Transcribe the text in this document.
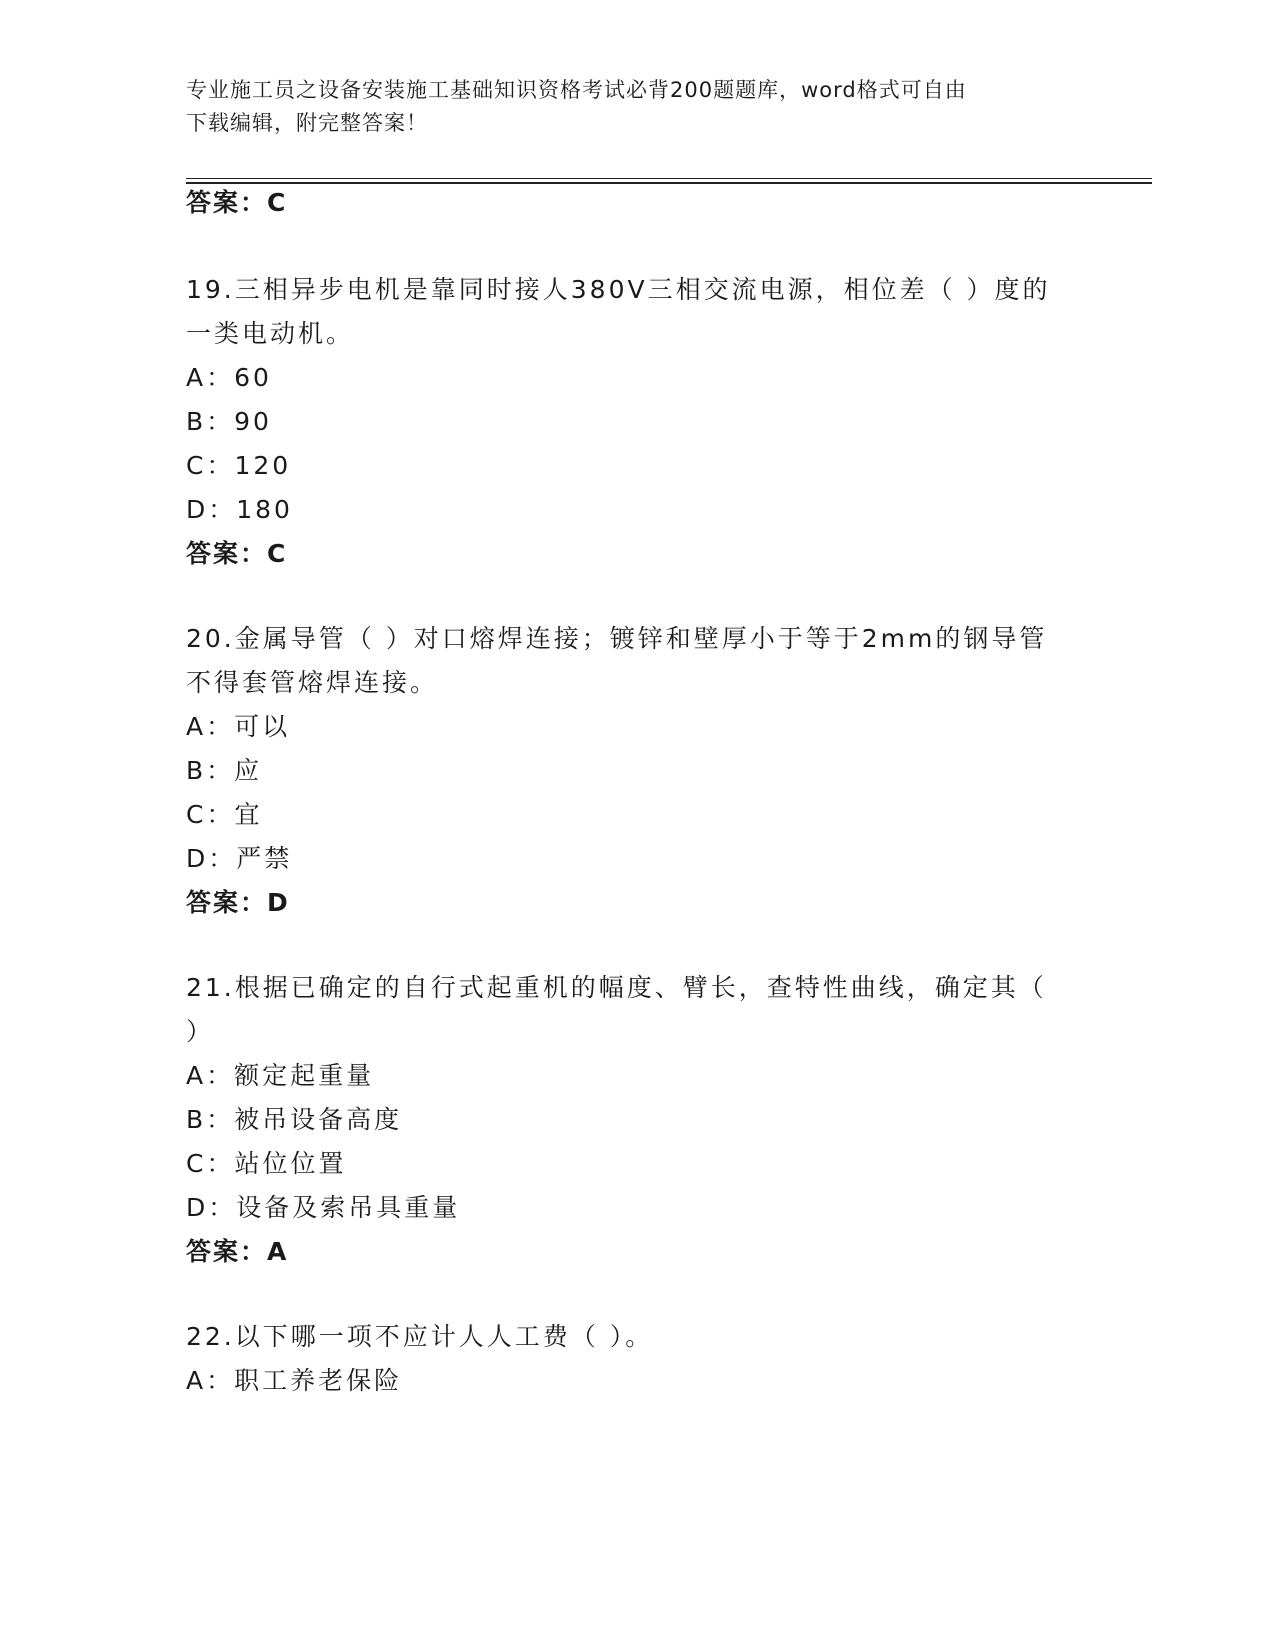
专业施工员之设备安装施工基础知识资格考试必背200题题库，word格式可自由
下载编辑，附完整答案！
答案：C
19.三相异步电机是靠同时接人380V三相交流电源，相位差（ ）度的
一类电动机。
A：60
B：90
C：120
D：180
答案：C
20.金属导管（ ）对口熔焊连接；镀锌和壁厚小于等于2mm的钢导管
不得套管熔焊连接。
A：可以
B：应
C：宜
D：严禁
答案：D
21.根据已确定的自行式起重机的幅度、臂长，查特性曲线，确定其（
）
A：额定起重量
B：被吊设备高度
C：站位位置
D：设备及索吊具重量
答案：A
22.以下哪一项不应计人人工费（ ）。
A：职工养老保险
